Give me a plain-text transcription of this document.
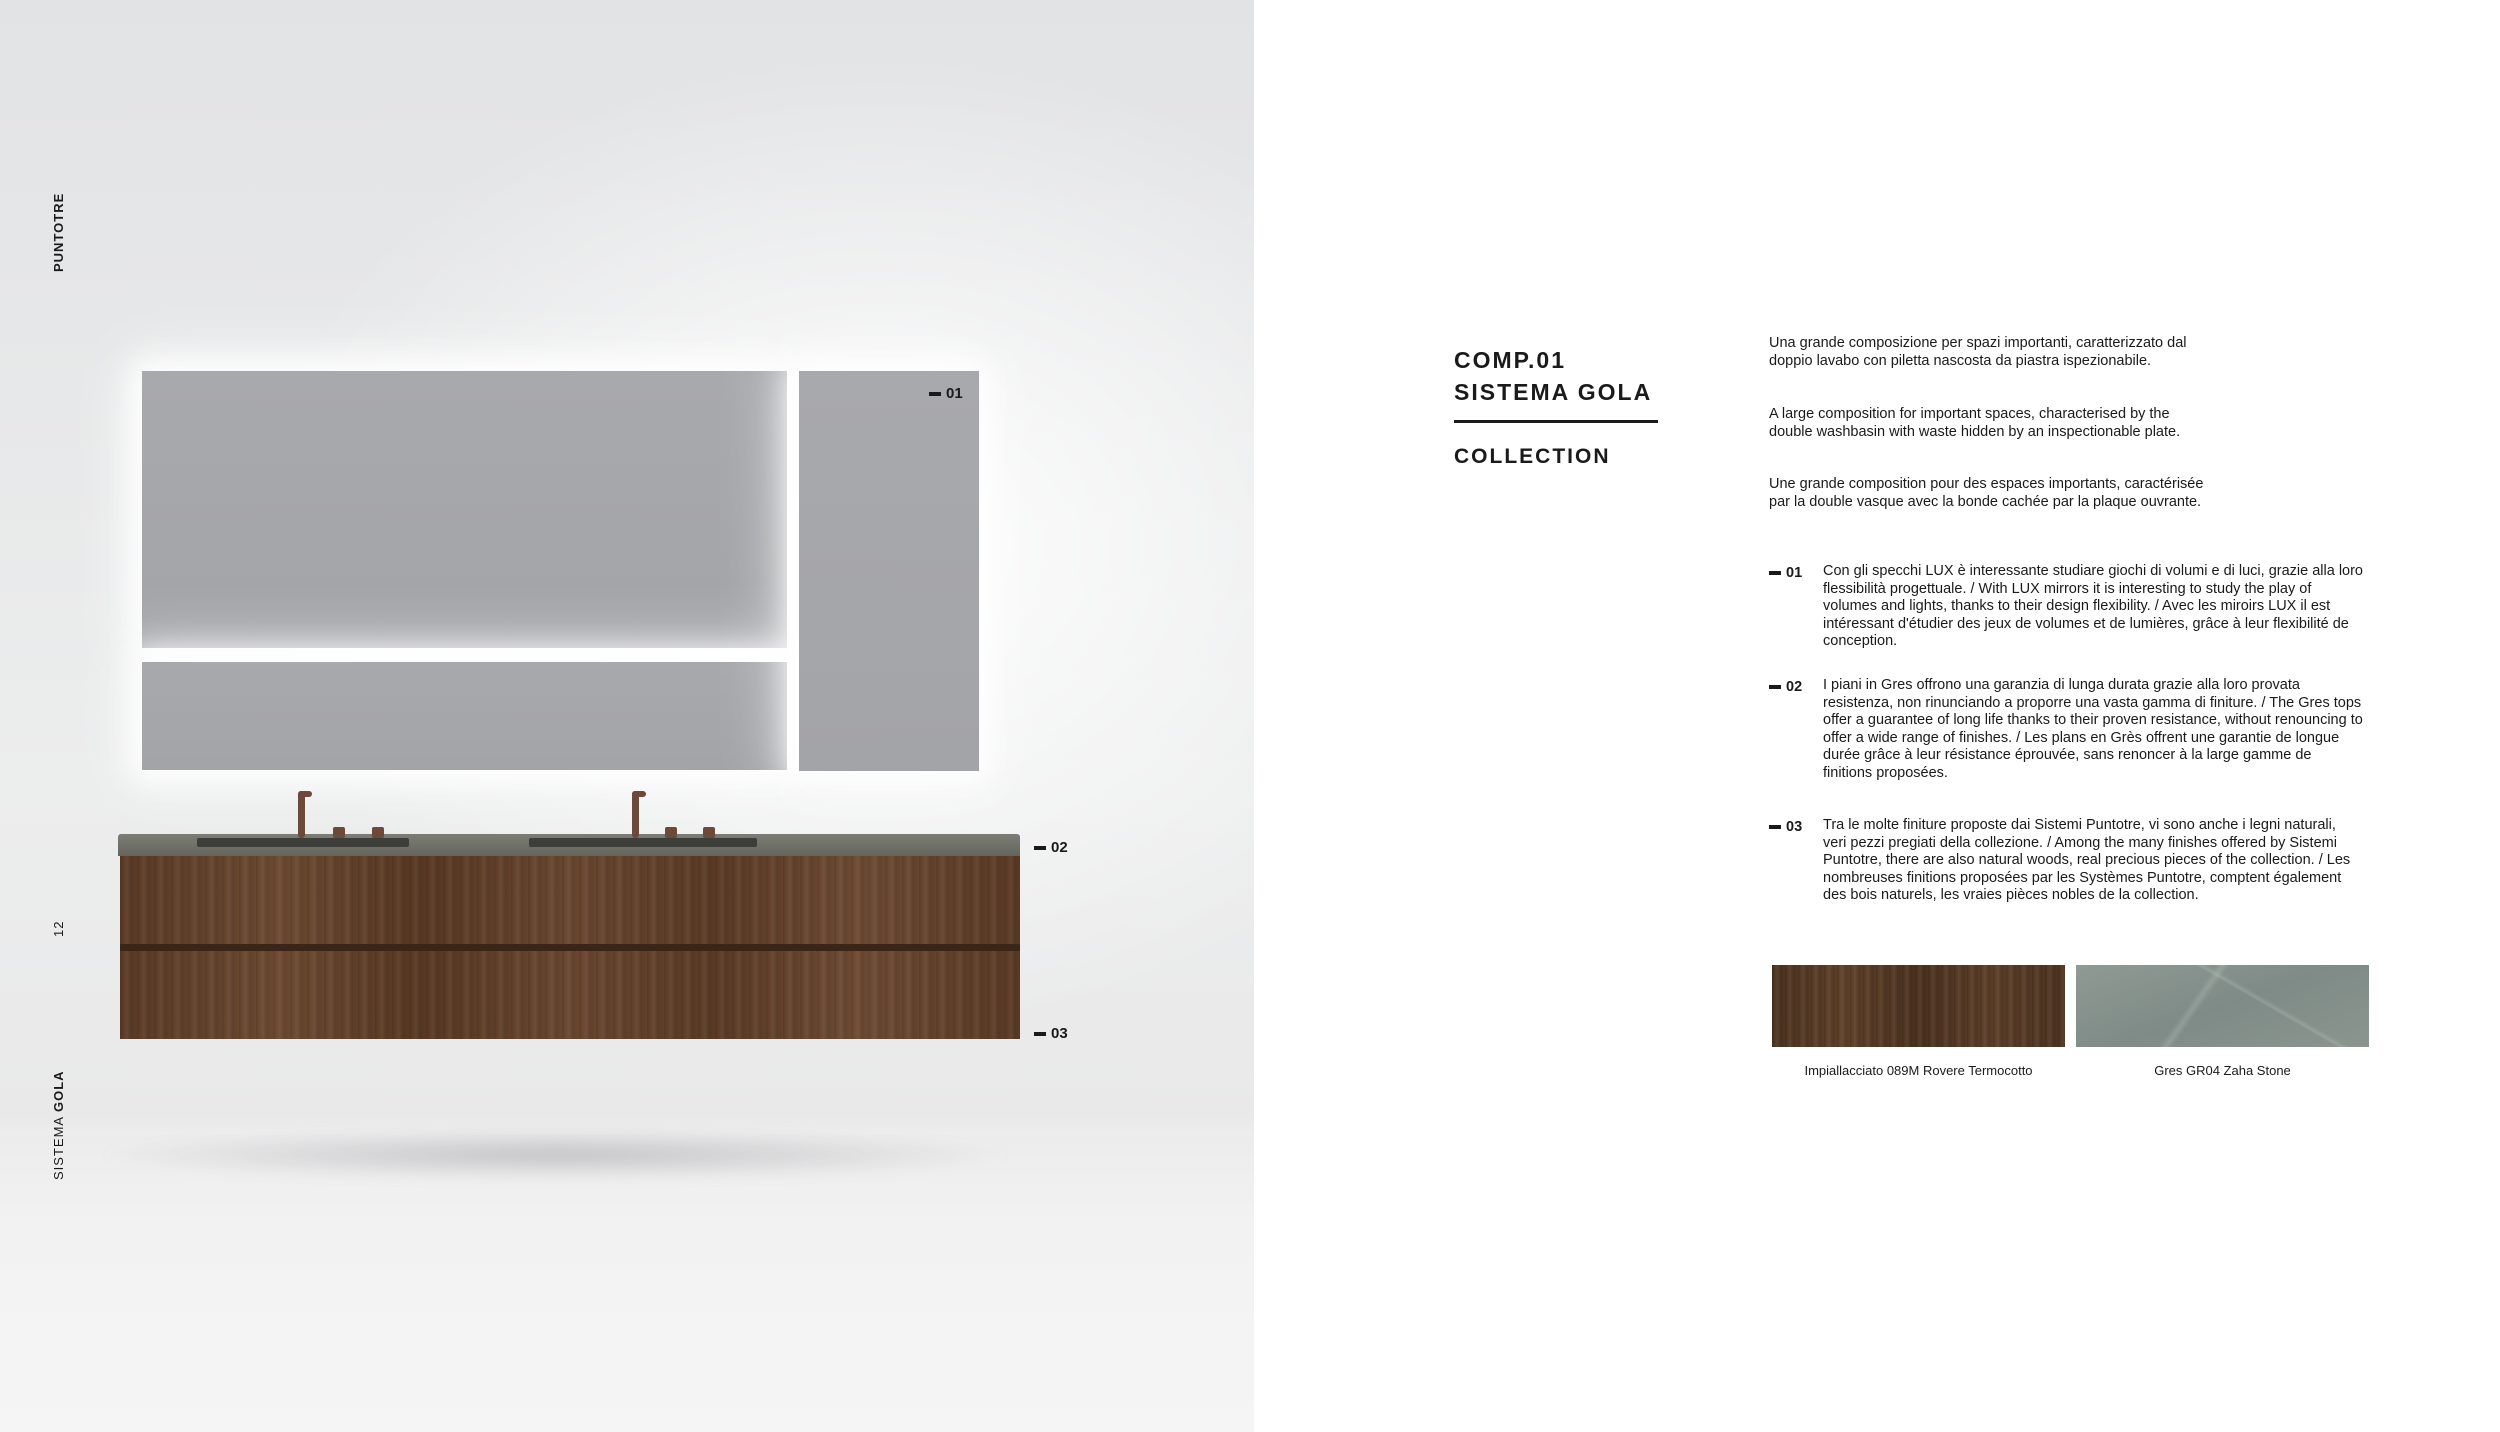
01
02
03
PUNTOTRE
12
SISTEMA GOLA
COMP.01
SISTEMA GOLA
COLLECTION

Una grande composizione per spazi importanti, caratterizzato dal doppio lavabo con piletta nascosta da piastra ispezionabile.

A large composition for important spaces, characterised by the double washbasin with waste hidden by an inspectionable plate.

Une grande composition pour des espaces importants, caractérisée par la double vasque avec la bonde cachée par la plaque ouvrante.

01 Con gli specchi LUX è interessante studiare giochi di volumi e di luci, grazie alla loro flessibilità progettuale. / With LUX mirrors it is interesting to study the play of volumes and lights, thanks to their design flexibility. / Avec les miroirs LUX il est intéressant d'étudier des jeux de volumes et de lumières, grâce à leur flexibilité de conception.

02 I piani in Gres offrono una garanzia di lunga durata grazie alla loro provata resistenza, non rinunciando a proporre una vasta gamma di finiture. / The Gres tops offer a guarantee of long life thanks to their proven resistance, without renouncing to offer a wide range of finishes. / Les plans en Grès offrent une garantie de longue durée grâce à leur résistance éprouvée, sans renoncer à la large gamme de finitions proposées.

03 Tra le molte finiture proposte dai Sistemi Puntotre, vi sono anche i legni naturali, veri pezzi pregiati della collezione. / Among the many finishes offered by Sistemi Puntotre, there are also natural woods, real precious pieces of the collection. / Les nombreuses finitions proposées par les Systèmes Puntotre, comptent également des bois naturels, les vraies pièces nobles de la collection.

Impiallacciato 089M Rovere Termocotto	Gres GR04 Zaha Stone
